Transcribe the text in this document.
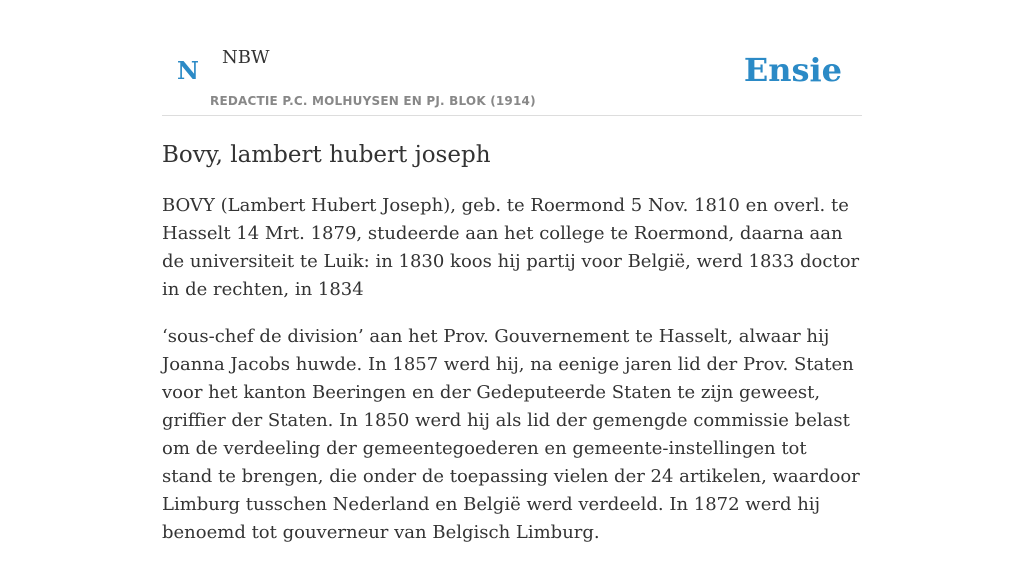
N NBW
REDACTIE P.C. MOLHUYSEN EN PJ. BLOK (1914)
Ensie
Bovy, lambert hubert joseph

BOVY (Lambert Hubert Joseph), geb. te Roermond 5 Nov. 1810 en overl. te Hasselt 14 Mrt. 1879, studeerde aan het college te Roermond, daarna aan de universiteit te Luik: in 1830 koos hij partij voor België, werd 1833 doctor in de rechten, in 1834

‘sous-chef de division’ aan het Prov. Gouvernement te Hasselt, alwaar hij Joanna Jacobs huwde. In 1857 werd hij, na eenige jaren lid der Prov. Staten voor het kanton Beeringen en der Gedeputeerde Staten te zijn geweest, griffier der Staten. In 1850 werd hij als lid der gemengde commissie belast om de verdeeling der gemeentegoederen en gemeente-instellingen tot stand te brengen, die onder de toepassing vielen der 24 artikelen, waardoor Limburg tusschen Nederland en België werd verdeeld. In 1872 werd hij benoemd tot gouverneur van Belgisch Limburg.
